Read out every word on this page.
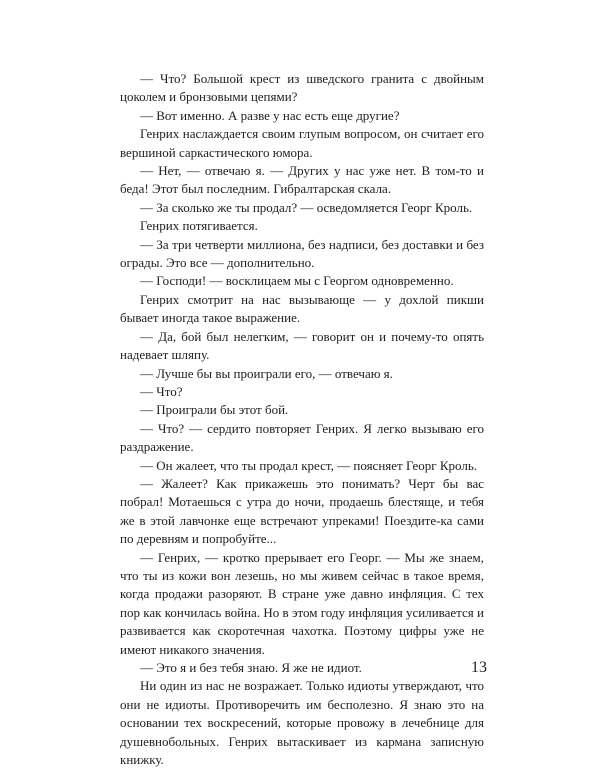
— Что? Большой крест из шведского гранита с двойным цоколем и бронзовыми цепями?

— Вот именно. А разве у нас есть еще другие?

Генрих наслаждается своим глупым вопросом, он считает его вершиной саркастического юмора.

— Нет, — отвечаю я. — Других у нас уже нет. В том-то и беда! Этот был последним. Гибралтарская скала.

— За сколько же ты продал? — осведомляется Георг Кроль.

Генрих потягивается.

— За три четверти миллиона, без надписи, без доставки и без ограды. Это все — дополнительно.

— Господи! — восклицаем мы с Георгом одновременно.

Генрих смотрит на нас вызывающе — у дохлой пикши бывает иногда такое выражение.

— Да, бой был нелегким, — говорит он и почему-то опять надевает шляпу.

— Лучше бы вы проиграли его, — отвечаю я.

— Что?

— Проиграли бы этот бой.

— Что? — сердито повторяет Генрих. Я легко вызываю его раздражение.

— Он жалеет, что ты продал крест, — поясняет Георг Кроль.

— Жалеет? Как прикажешь это понимать? Черт бы вас побрал! Мотаешься с утра до ночи, продаешь блестяще, и тебя же в этой лавчонке еще встречают упреками! Поездите-ка сами по деревням и попробуйте...

— Генрих, — кротко прерывает его Георг. — Мы же знаем, что ты из кожи вон лезешь, но мы живем сейчас в такое время, когда продажи разоряют. В стране уже давно инфляция. С тех пор как кончилась война. Но в этом году инфляция усиливается и развивается как скоротечная чахотка. Поэтому цифры уже не имеют никакого значения.

— Это я и без тебя знаю. Я же не идиот.

Ни один из нас не возражает. Только идиоты утверждают, что они не идиоты. Противоречить им бесполезно. Я знаю это на основании тех воскресений, которые провожу в лечебнице для душевнобольных. Генрих вытаскивает из кармана записную книжку.

13
